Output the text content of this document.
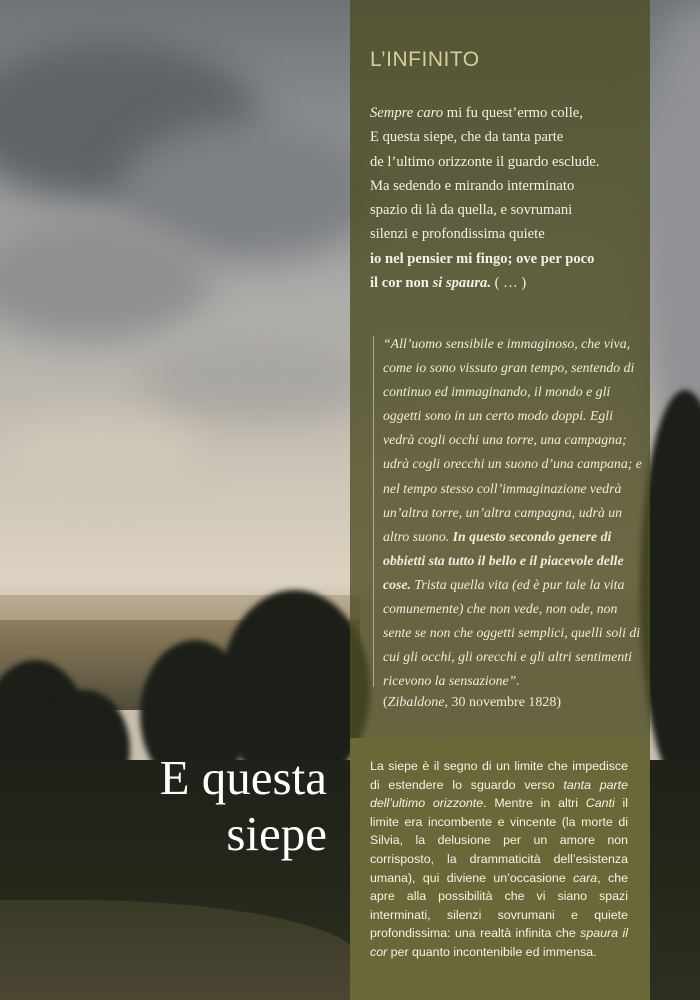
L’INFINITO
Sempre caro mi fu quest’ermo colle,
E questa siepe, che da tanta parte
de l’ultimo orizzonte il guardo esclude.
Ma sedendo e mirando interminato
spazio di là da quella, e sovrumani
silenzi e profondissima quiete
io nel pensier mi fingo; ove per poco
il cor non si spaura. ( … )

“All’uomo sensibile e immaginoso, che viva, come io sono vissuto gran tempo, sentendo di continuo ed immaginando, il mondo e gli oggetti sono in un certo modo doppi. Egli vedrà cogli occhi una torre, una campagna; udrà cogli orecchi un suono d’una campana; e nel tempo stesso coll’immaginazione vedrà un’altra torre, un’altra campagna, udrà un altro suono. In questo secondo genere di obbietti sta tutto il bello e il piacevole delle cose. Trista quella vita (ed è pur tale la vita comunemente) che non vede, non ode, non sente se non che oggetti semplici, quelli soli di cui gli occhi, gli orecchi e gli altri sentimenti ricevono la sensazione”.

(Zibaldone, 30 novembre 1828)

E questa
siepe

La siepe è il segno di un limite che impedisce di estendere lo sguardo verso tanta parte dell’ultimo orizzonte. Mentre in altri Canti il limite era incombente e vincente (la morte di Silvia, la delusione per un amore non corrisposto, la drammaticità dell’esistenza umana), qui diviene un’occasione cara, che apre alla possibilità che vi siano spazi interminati, silenzi sovrumani e quiete profondissima: una realtà infinita che spaura il cor per quanto incontenibile ed immensa.
